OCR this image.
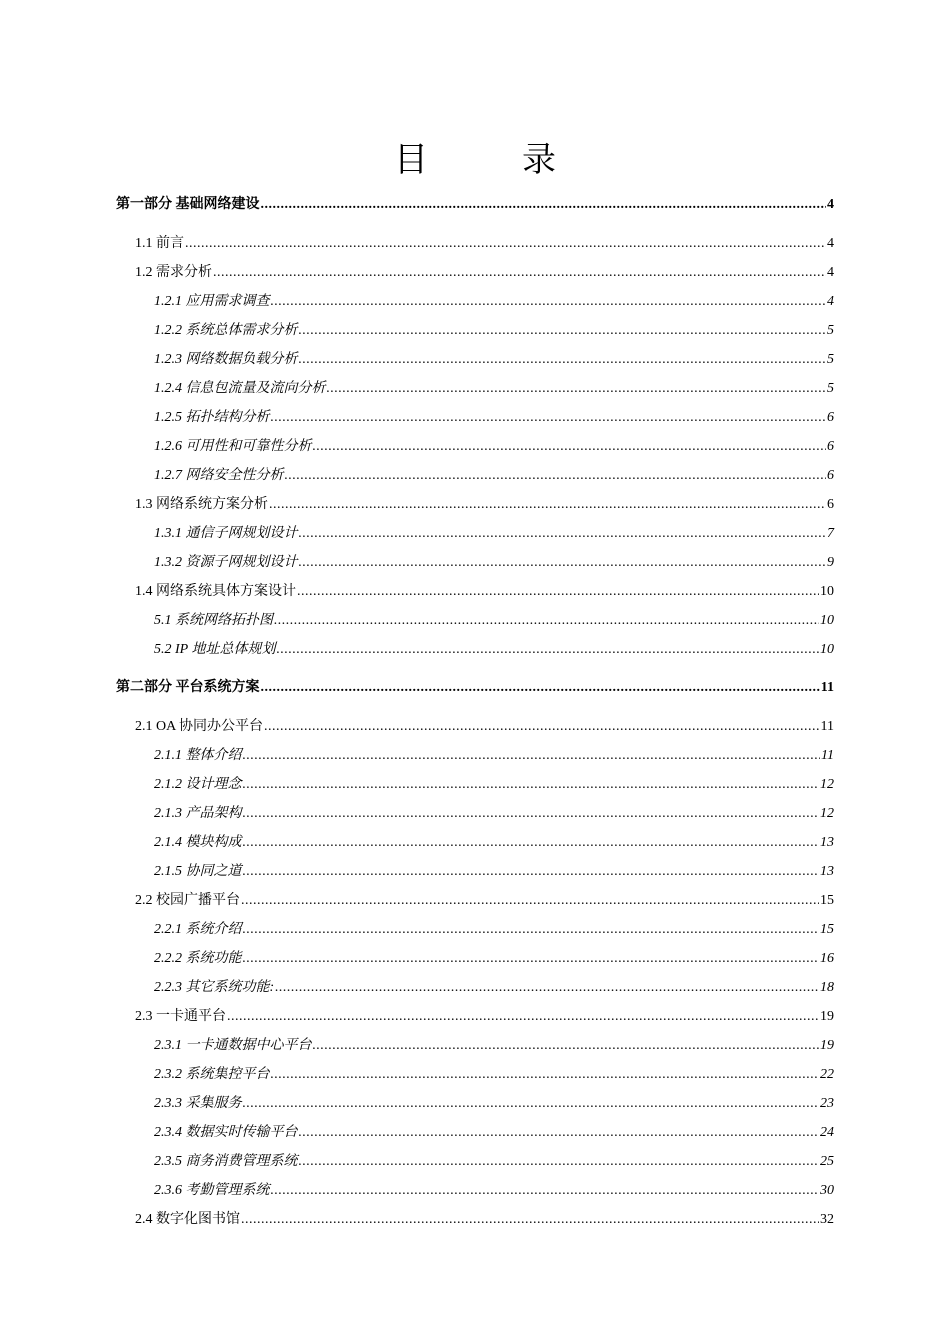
目　录
第一部分 基础网络建设 .....	4
1.1 前言 .....	4
1.2 需求分析 .....	4
1.2.1 应用需求调查 .....	4
1.2.2 系统总体需求分析 .....	5
1.2.3 网络数据负载分析 .....	5
1.2.4 信息包流量及流向分析 .....	5
1.2.5 拓扑结构分析 .....	6
1.2.6 可用性和可靠性分析 .....	6
1.2.7 网络安全性分析 .....	6
1.3 网络系统方案分析 .....	6
1.3.1 通信子网规划设计 .....	7
1.3.2 资源子网规划设计 .....	9
1.4 网络系统具体方案设计 .....	10
5.1 系统网络拓扑图 .....	10
5.2 IP 地址总体规划 .....	10
第二部分 平台系统方案 .....	11
2.1 OA 协同办公平台 .....	11
2.1.1 整体介绍 .....	11
2.1.2 设计理念 .....	12
2.1.3 产品架构 .....	12
2.1.4 模块构成 .....	13
2.1.5 协同之道 .....	13
2.2 校园广播平台 .....	15
2.2.1 系统介绍 .....	15
2.2.2 系统功能 .....	16
2.2.3 其它系统功能: .....	18
2.3 一卡通平台 .....	19
2.3.1 一卡通数据中心平台 .....	19
2.3.2 系统集控平台 .....	22
2.3.3 采集服务 .....	23
2.3.4 数据实时传输平台 .....	24
2.3.5 商务消费管理系统 .....	25
2.3.6 考勤管理系统 .....	30
2.4 数字化图书馆 .....	32
